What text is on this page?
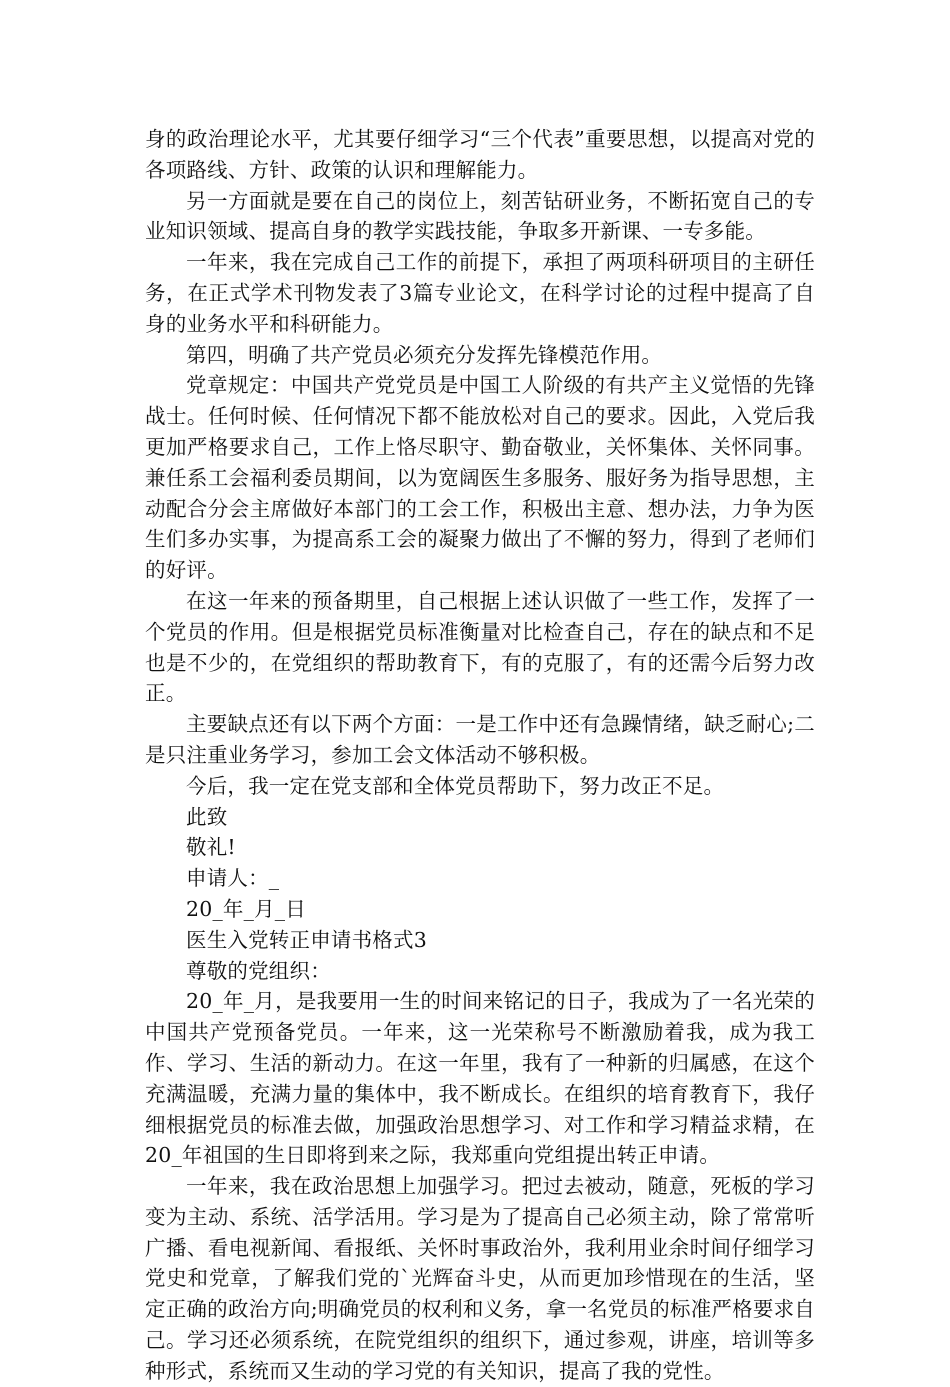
身的政治理论水平，尤其要仔细学习“三个代表”重要思想，以提高对党的各项路线、方针、政策的认识和理解能力。

另一方面就是要在自己的岗位上，刻苦钻研业务，不断拓宽自己的专业知识领域、提高自身的教学实践技能，争取多开新课、一专多能。

一年来，我在完成自己工作的前提下，承担了两项科研项目的主研任务，在正式学术刊物发表了3篇专业论文，在科学讨论的过程中提高了自身的业务水平和科研能力。

第四，明确了共产党员必须充分发挥先锋模范作用。

党章规定：中国共产党党员是中国工人阶级的有共产主义觉悟的先锋战士。任何时候、任何情况下都不能放松对自己的要求。因此，入党后我更加严格要求自己，工作上恪尽职守、勤奋敬业，关怀集体、关怀同事。兼任系工会福利委员期间，以为宽阔医生多服务、服好务为指导思想，主动配合分会主席做好本部门的工会工作，积极出主意、想办法，力争为医生们多办实事，为提高系工会的凝聚力做出了不懈的努力，得到了老师们的好评。

在这一年来的预备期里，自己根据上述认识做了一些工作，发挥了一个党员的作用。但是根据党员标准衡量对比检查自己，存在的缺点和不足也是不少的，在党组织的帮助教育下，有的克服了，有的还需今后努力改正。

主要缺点还有以下两个方面：一是工作中还有急躁情绪，缺乏耐心;二是只注重业务学习，参加工会文体活动不够积极。

今后，我一定在党支部和全体党员帮助下，努力改正不足。

此致

敬礼!

申请人：_

20_年_月_日

医生入党转正申请书格式3

尊敬的党组织：

20_年_月，是我要用一生的时间来铭记的日子，我成为了一名光荣的中国共产党预备党员。一年来，这一光荣称号不断激励着我，成为我工作、学习、生活的新动力。在这一年里，我有了一种新的归属感，在这个充满温暖，充满力量的集体中，我不断成长。在组织的培育教育下，我仔细根据党员的标准去做，加强政治思想学习、对工作和学习精益求精，在20_年祖国的生日即将到来之际，我郑重向党组提出转正申请。

一年来，我在政治思想上加强学习。把过去被动，随意，死板的学习变为主动、系统、活学活用。学习是为了提高自己必须主动，除了常常听广播、看电视新闻、看报纸、关怀时事政治外，我利用业余时间仔细学习党史和党章，了解我们党的`光辉奋斗史，从而更加珍惜现在的生活，坚定正确的政治方向;明确党员的权利和义务，拿一名党员的标准严格要求自己。学习还必须系统，在院党组织的组织下，通过参观，讲座，培训等多种形式，系统而又生动的学习党的有关知识，提高了我的党性。
